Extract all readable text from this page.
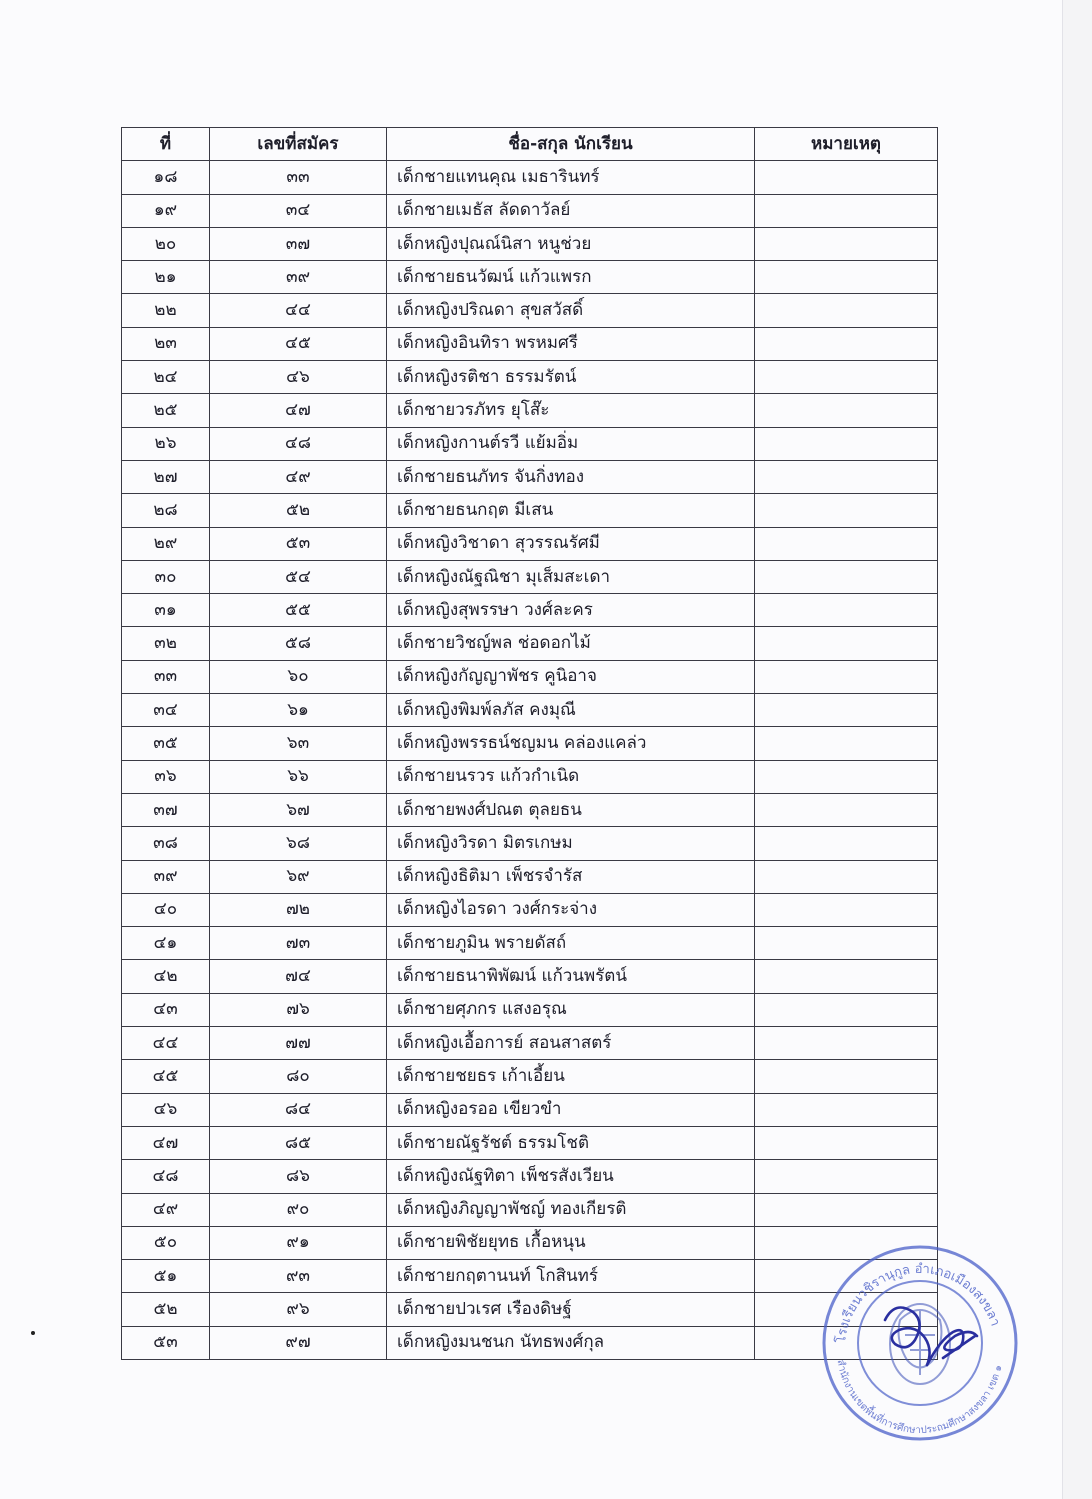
ที่	เลขที่สมัคร	ชื่อ-สกุล นักเรียน	หมายเหตุ
๑๘	๓๓	เด็กชายแทนคุณ เมธารินทร์	
๑๙	๓๔	เด็กชายเมธัส ลัดดาวัลย์	
๒๐	๓๗	เด็กหญิงปุณณ์นิสา หนูช่วย	
๒๑	๓๙	เด็กชายธนวัฒน์ แก้วแพรก	
๒๒	๔๔	เด็กหญิงปริณดา สุขสวัสดิ์	
๒๓	๔๕	เด็กหญิงอินทิรา พรหมศรี	
๒๔	๔๖	เด็กหญิงรติชา ธรรมรัตน์	
๒๕	๔๗	เด็กชายวรภัทร ยุโส๊ะ	
๒๖	๔๘	เด็กหญิงกานต์รวี แย้มอิ่ม	
๒๗	๔๙	เด็กชายธนภัทร จันกิ่งทอง	
๒๘	๕๒	เด็กชายธนกฤต มีเสน	
๒๙	๕๓	เด็กหญิงวิชาดา สุวรรณรัศมี	
๓๐	๕๔	เด็กหญิงณัฐณิชา มุเส็มสะเดา	
๓๑	๕๕	เด็กหญิงสุพรรษา วงศ์ละคร	
๓๒	๕๘	เด็กชายวิชญ์พล ช่อดอกไม้	
๓๓	๖๐	เด็กหญิงกัญญาพัชร คูนิอาจ	
๓๔	๖๑	เด็กหญิงพิมพ์ลภัส คงมุณี	
๓๕	๖๓	เด็กหญิงพรรธน์ชญมน คล่องแคล่ว	
๓๖	๖๖	เด็กชายนรวร แก้วกำเนิด	
๓๗	๖๗	เด็กชายพงศ์ปณต ตุลยธน	
๓๘	๖๘	เด็กหญิงวิรดา มิตรเกษม	
๓๙	๖๙	เด็กหญิงธิติมา เพ็ชรจำรัส	
๔๐	๗๒	เด็กหญิงไอรดา วงศ์กระจ่าง	
๔๑	๗๓	เด็กชายภูมิน พรายดัสถ์	
๔๒	๗๔	เด็กชายธนาพิพัฒน์ แก้วนพรัตน์	
๔๓	๗๖	เด็กชายศุภกร แสงอรุณ	
๔๔	๗๗	เด็กหญิงเอื้อการย์ สอนสาสตร์	
๔๕	๘๐	เด็กชายชยธร เก้าเอี้ยน	
๔๖	๘๔	เด็กหญิงอรออ เขียวขำ	
๔๗	๘๕	เด็กชายณัฐรัชต์ ธรรมโชติ	
๔๘	๘๖	เด็กหญิงณัฐทิตา เพ็ชรสังเวียน	
๔๙	๙๐	เด็กหญิงภิญญาพัชญ์ ทองเกียรติ	
๕๐	๙๑	เด็กชายพิชัยยุทธ เกื้อหนุน	
๕๑	๙๓	เด็กชายกฤตานนท์ โกสินทร์	
๕๒	๙๖	เด็กชายปวเรศ เรืองดิษฐ์	
๕๓	๙๗	เด็กหญิงมนชนก นัทธพงศ์กุล		โรงเรียนวชิรานุกูล อำเภอเมืองสงขลา
สำนักงานเขตพื้นที่การศึกษาประถมศึกษาสงขลา เขต ๑
